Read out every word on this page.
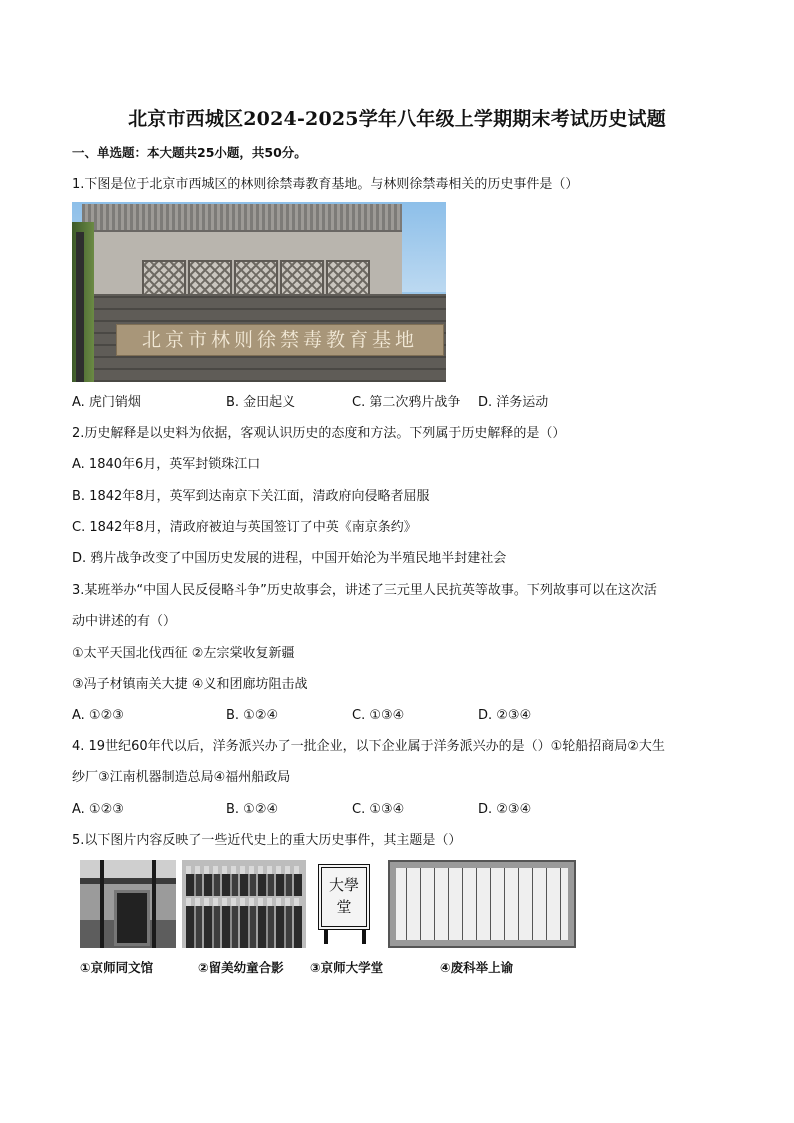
北京市西城区2024-2025学年八年级上学期期末考试历史试题
一、单选题：本大题共25小题，共50分。
1.下图是位于北京市西城区的林则徐禁毒教育基地。与林则徐禁毒相关的历史事件是（）
北京市林则徐禁毒教育基地
A. 虎门销烟	B. 金田起义	C. 第二次鸦片战争 D. 洋务运动
2.历史解释是以史料为依据，客观认识历史的态度和方法。下列属于历史解释的是（）
A. 1840年6月，英军封锁珠江口
B. 1842年8月，英军到达南京下关江面，清政府向侵略者屈服
C. 1842年8月，清政府被迫与英国签订了中英《南京条约》
D. 鸦片战争改变了中国历史发展的进程，中国开始沦为半殖民地半封建社会
3.某班举办“中国人民反侵略斗争”历史故事会，讲述了三元里人民抗英等故事。下列故事可以在这次活
动中讲述的有（）
①太平天国北伐西征 ②左宗棠收复新疆
③冯子材镇南关大捷 ④义和团廊坊阻击战
A. ①②③	B. ①②④	C. ①③④	D. ②③④
4. 19世纪60年代以后，洋务派兴办了一批企业，以下企业属于洋务派兴办的是（）①轮船招商局②大生
纱厂③江南机器制造总局④福州船政局
A. ①②③	B. ①②④	C. ①③④	D. ②③④
5.以下图片内容反映了一些近代史上的重大历史事件，其主题是（）
大學堂
①京师同文馆	②留美幼童合影 ③京师大学堂	④废科举上谕
